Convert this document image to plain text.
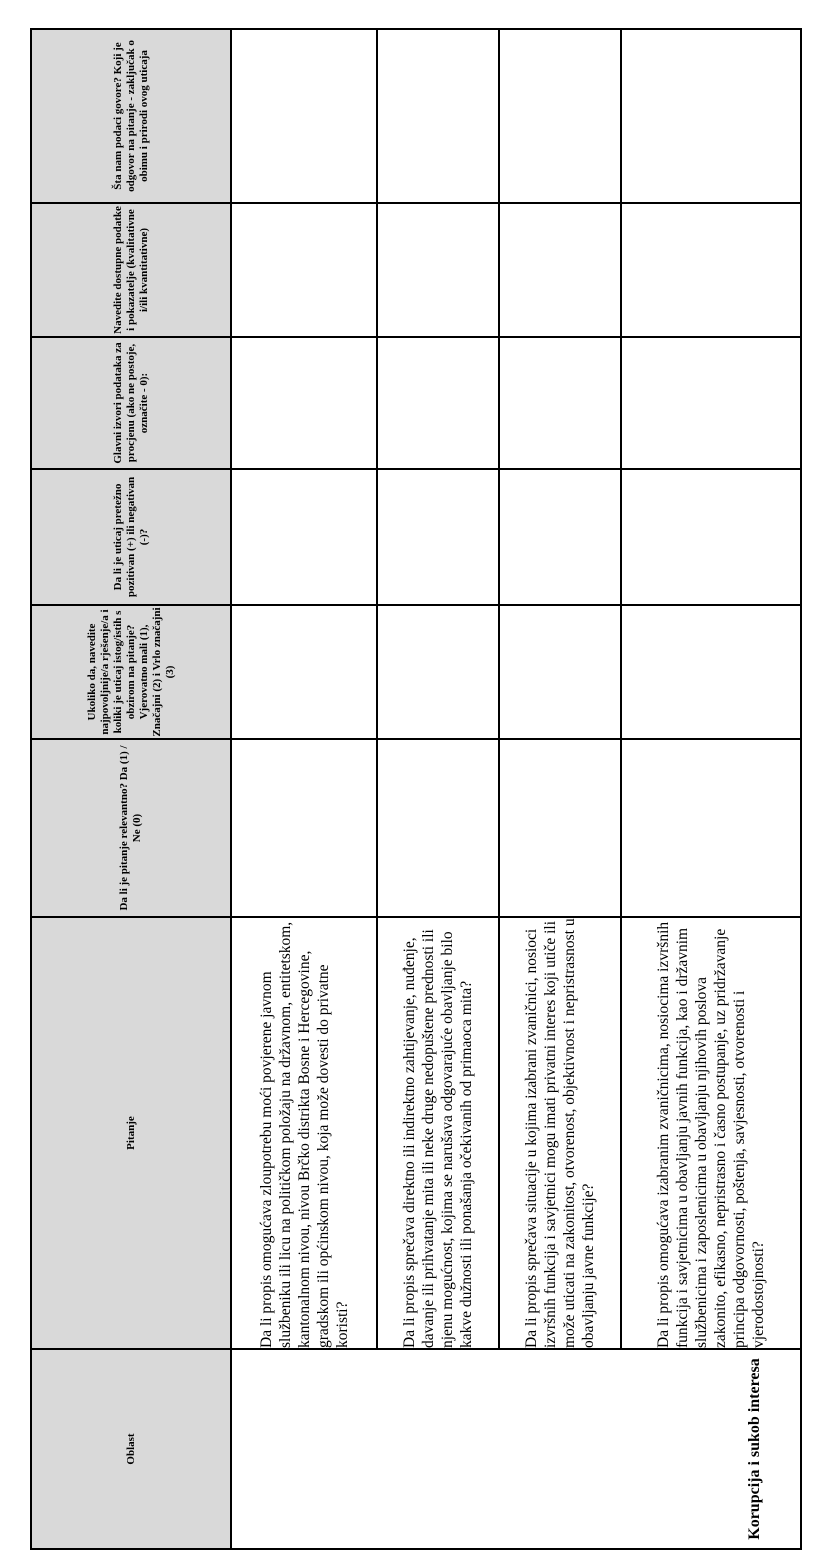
Oblast	Pitanje	Da li je pitanje relevantno? Da (1) / Ne (0)	Ukoliko da, navedite najpovoljnije/a rješenje/a i koliki je uticaj istog/istih s obzirom na pitanje? Vjerovatno mali (1), Značajni (2) i Vrlo značajni (3)	Da li je uticaj pretežno pozitivan (+) ili negativan (-)?	Glavni izvori podataka za procjenu (ako ne postoje, označite - 0):	Navedite dostupne podatke i pokazatelje (kvalitativne i/ili kvantitativne)	Šta nam podaci govore? Koji je odgovor na pitanje - zaključak o obimu i prirodi ovog uticaja
Korupcija i sukob interesa	Da li propis omogućava zloupotrebu moći povjerene javnom službeniku ili licu na političkom položaju na državnom, entitetskom, kantonalnom nivou, nivou Brčko distrikta Bosne i Hercegovine, gradskom ili općinskom nivou, koja može dovesti do privatne koristi?						
	Da li propis sprečava direktno ili indirektno zahtijevanje, nuđenje, davanje ili prihvatanje mita ili neke druge nedopuštene prednosti ili njenu mogućnost, kojima se narušava odgovarajuće obavljanje bilo kakve dužnosti ili ponašanja očekivanih od primaoca mita?						
	Da li propis sprečava situacije u kojima izabrani zvaničnici, nosioci izvršnih funkcija i savjetnici mogu imati privatni interes koji utiče ili može uticati na zakonitost, otvorenost, objektivnost i nepristrasnost u obavljanju javne funkcije?						
	Da li propis omogućava izabranim zvaničnicima, nosiocima izvršnih funkcija i savjetnicima u obavljanju javnih funkcija, kao i državnim službenicima i zaposlenicima u obavljanju njihovih poslova zakonito, efikasno, nepristrasno i časno postupanje, uz pridržavanje principa odgovornosti, poštenja, savjesnosti, otvorenosti i vjerodostojnosti?						
